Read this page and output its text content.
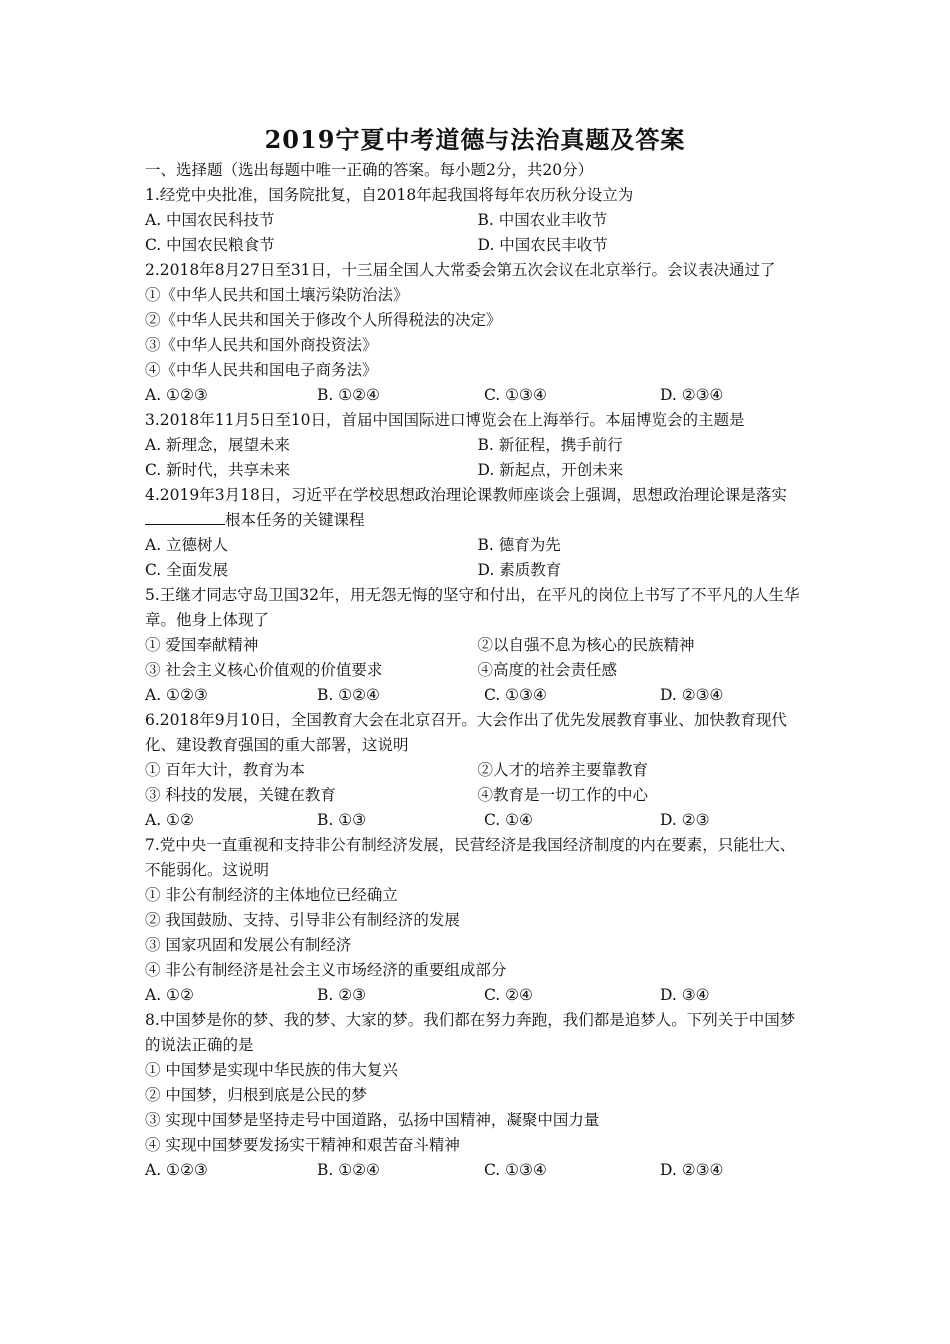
2019宁夏中考道德与法治真题及答案
一、选择题（选出每题中唯一正确的答案。每小题2分，共20分）
1.经党中央批准，国务院批复，自2018年起我国将每年农历秋分设立为
A. 中国农民科技节	B. 中国农业丰收节
C. 中国农民粮食节	D. 中国农民丰收节
2.2018年8月27日至31日，十三届全国人大常委会第五次会议在北京举行。会议表决通过了
①《中华人民共和国土壤污染防治法》
②《中华人民共和国关于修改个人所得税法的决定》
③《中华人民共和国外商投资法》
④《中华人民共和国电子商务法》
A. ①②③	B. ①②④	C. ①③④	D. ②③④
3.2018年11月5日至10日，首届中国国际进口博览会在上海举行。本届博览会的主题是
A. 新理念，展望未来	B. 新征程，携手前行
C. 新时代，共享未来	D. 新起点，开创未来
4.2019年3月18日，习近平在学校思想政治理论课教师座谈会上强调，思想政治理论课是落实根本任务的关键课程
A. 立德树人	B. 德育为先
C. 全面发展	D. 素质教育
5.王继才同志守岛卫国32年，用无怨无悔的坚守和付出，在平凡的岗位上书写了不平凡的人生华章。他身上体现了
① 爱国奉献精神	②以自强不息为核心的民族精神
③ 社会主义核心价值观的价值要求	④高度的社会责任感
A. ①②③	B. ①②④	C. ①③④	D. ②③④
6.2018年9月10日，全国教育大会在北京召开。大会作出了优先发展教育事业、加快教育现代化、建设教育强国的重大部署，这说明
① 百年大计，教育为本	②人才的培养主要靠教育
③ 科技的发展，关键在教育	④教育是一切工作的中心
A. ①②	B. ①③	C. ①④	D. ②③
7.党中央一直重视和支持非公有制经济发展，民营经济是我国经济制度的内在要素，只能壮大、不能弱化。这说明
① 非公有制经济的主体地位已经确立
② 我国鼓励、支持、引导非公有制经济的发展
③ 国家巩固和发展公有制经济
④ 非公有制经济是社会主义市场经济的重要组成部分
A. ①②	B. ②③	C. ②④	D. ③④
8.中国梦是你的梦、我的梦、大家的梦。我们都在努力奔跑，我们都是追梦人。下列关于中国梦的说法正确的是
① 中国梦是实现中华民族的伟大复兴
② 中国梦，归根到底是公民的梦
③ 实现中国梦是坚持走号中国道路，弘扬中国精神，凝聚中国力量
④ 实现中国梦要发扬实干精神和艰苦奋斗精神
A. ①②③	B. ①②④	C. ①③④	D. ②③④
